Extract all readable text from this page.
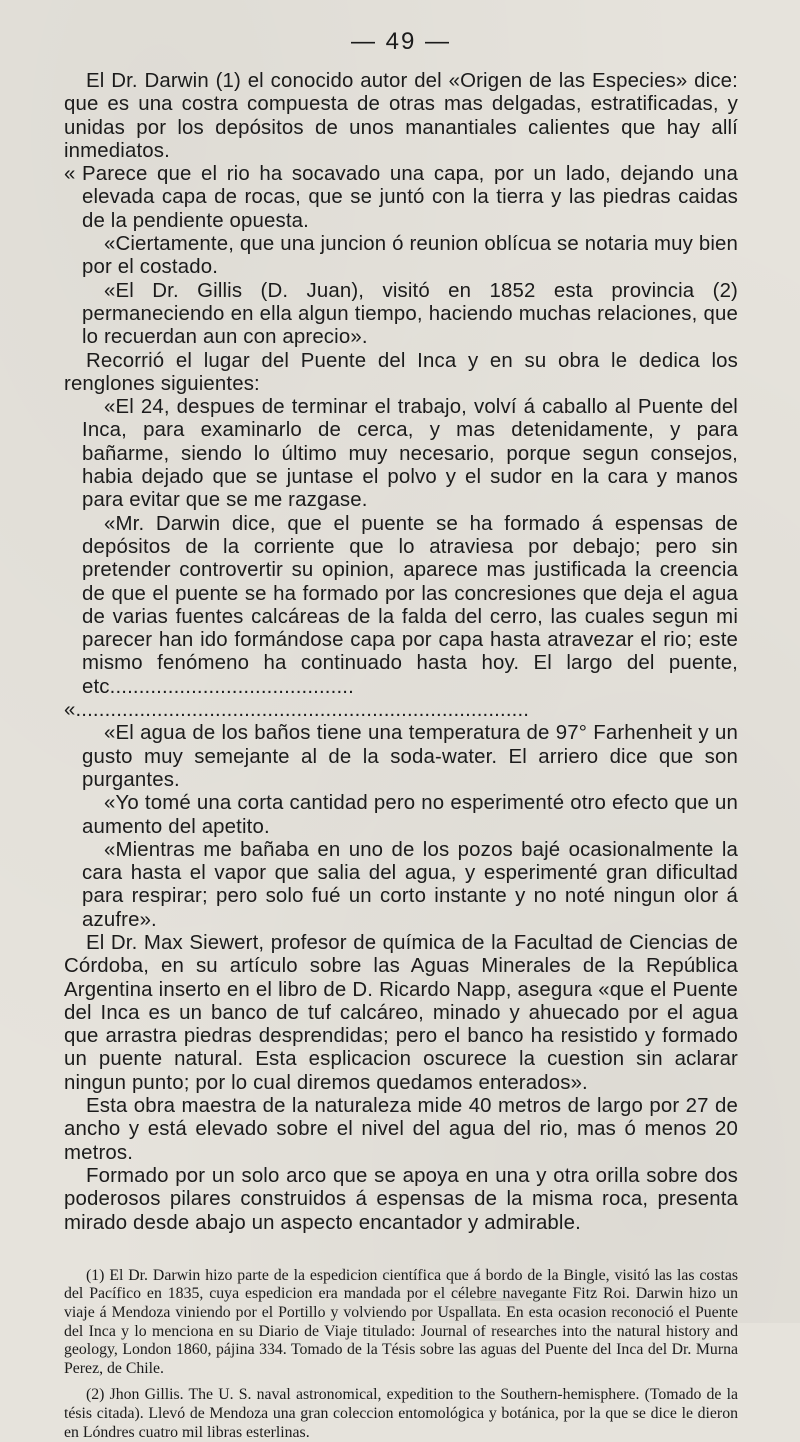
— 49 —

El Dr. Darwin (1) el conocido autor del «Origen de las Especies» dice: que es una costra compuesta de otras mas delgadas, estratificadas, y unidas por los depósitos de unos manantiales calientes que hay allí inmediatos.

« Parece que el rio ha socavado una capa, por un lado, dejando una elevada capa de rocas, que se juntó con la tierra y las piedras caidas de la pendiente opuesta.

«Ciertamente, que una juncion ó reunion oblícua se notaria muy bien por el costado.

«El Dr. Gillis (D. Juan), visitó en 1852 esta provincia (2) permaneciendo en ella algun tiempo, haciendo muchas relaciones, que lo recuerdan aun con aprecio».

Recorrió el lugar del Puente del Inca y en su obra le dedica los renglones siguientes:

«El 24, despues de terminar el trabajo, volví á caballo al Puente del Inca, para examinarlo de cerca, y mas detenidamente, y para bañarme, siendo lo último muy necesario, porque segun consejos, habia dejado que se juntase el polvo y el sudor en la cara y manos para evitar que se me razgase.

«Mr. Darwin dice, que el puente se ha formado á espensas de depósitos de la corriente que lo atraviesa por debajo; pero sin pretender controvertir su opinion, aparece mas justificada la creencia de que el puente se ha formado por las concresiones que deja el agua de varias fuentes calcáreas de la falda del cerro, las cuales segun mi parecer han ido formándose capa por capa hasta atravezar el rio; este mismo fenómeno ha continuado hasta hoy. El largo del puente, etc..........................................

«..............................................................................

«El agua de los baños tiene una temperatura de 97° Farhenheit y un gusto muy semejante al de la soda-water. El arriero dice que son purgantes.

«Yo tomé una corta cantidad pero no esperimenté otro efecto que un aumento del apetito.

«Mientras me bañaba en uno de los pozos bajé ocasionalmente la cara hasta el vapor que salia del agua, y esperimenté gran dificultad para respirar; pero solo fué un corto instante y no noté ningun olor á azufre».

El Dr. Max Siewert, profesor de química de la Facultad de Ciencias de Córdoba, en su artículo sobre las Aguas Minerales de la República Argentina inserto en el libro de D. Ricardo Napp, asegura «que el Puente del Inca es un banco de tuf calcáreo, minado y ahuecado por el agua que arrastra piedras desprendidas; pero el banco ha resistido y formado un puente natural. Esta esplicacion oscurece la cuestion sin aclarar ningun punto; por lo cual diremos quedamos enterados».

Esta obra maestra de la naturaleza mide 40 metros de largo por 27 de ancho y está elevado sobre el nivel del agua del rio, mas ó menos 20 metros.

Formado por un solo arco que se apoya en una y otra orilla sobre dos poderosos pilares construidos á espensas de la misma roca, presenta mirado desde abajo un aspecto encantador y admirable.

(1) El Dr. Darwin hizo parte de la espedicion científica que á bordo de la Bingle, visitó las las costas del Pacífico en 1835, cuya espedicion era mandada por el célebre navegante Fitz Roi. Darwin hizo un viaje á Mendoza viniendo por el Portillo y volviendo por Uspallata. En esta ocasion reconoció el Puente del Inca y lo menciona en su Diario de Viaje titulado: Journal of researches into the natural history and geology, London 1860, pájina 334. Tomado de la Tésis sobre las aguas del Puente del Inca del Dr. Murna Perez, de Chile.

(2) Jhon Gillis. The U. S. naval astronomical, expedition to the Southern-hemisphere. (Tomado de la tésis citada). Llevó de Mendoza una gran coleccion entomológica y botánica, por la que se dice le dieron en Lóndres cuatro mil libras esterlinas.
